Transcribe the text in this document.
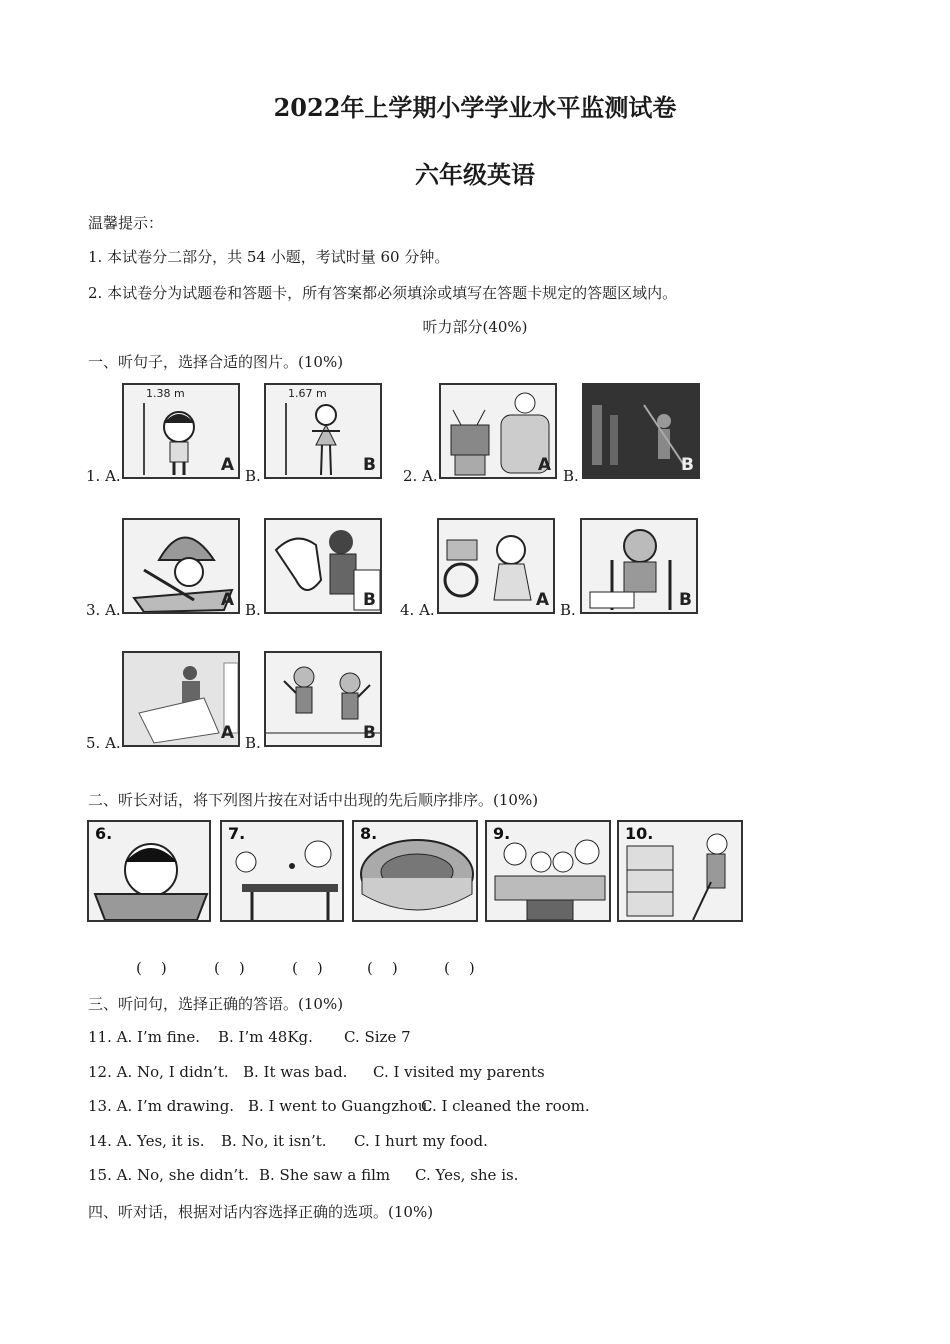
2022年上学期小学学业水平监测试卷
六年级英语
温馨提示：
1. 本试卷分二部分，共 54 小题，考试时量 60 分钟。
2. 本试卷分为试题卷和答题卡，所有答案都必须填涂或填写在答题卡规定的答题区域内。
听力部分(40%)
一、听句子，选择合适的图片。(10%)
1. A.
1.38 m
A
B.
1.67 m
B
2. A.
A
B.
B
3. A.	A B.	B 4. A.	A B.	B
5. A.	A B.	B
二、听长对话，将下列图片按在对话中出现的先后顺序排序。(10%)
6.	7.	8.	9.	10.
(    )	(    )	(    )	(    )	(    )
三、听问句，选择正确的答语。(10%)
11. A. I’m fine. B. I’m 48Kg. C. Size 7
12. A. No, I didn’t. B. It was bad. C. I visited my parents
13. A. I’m drawing. B. I went to Guangzhou.
C. I cleaned the room.
14. A. Yes, it is. B. No, it isn’t. C. I hurt my food.
15. A. No, she didn’t. B. She saw a film C. Yes, she is.
四、听对话，根据对话内容选择正确的选项。(10%)
